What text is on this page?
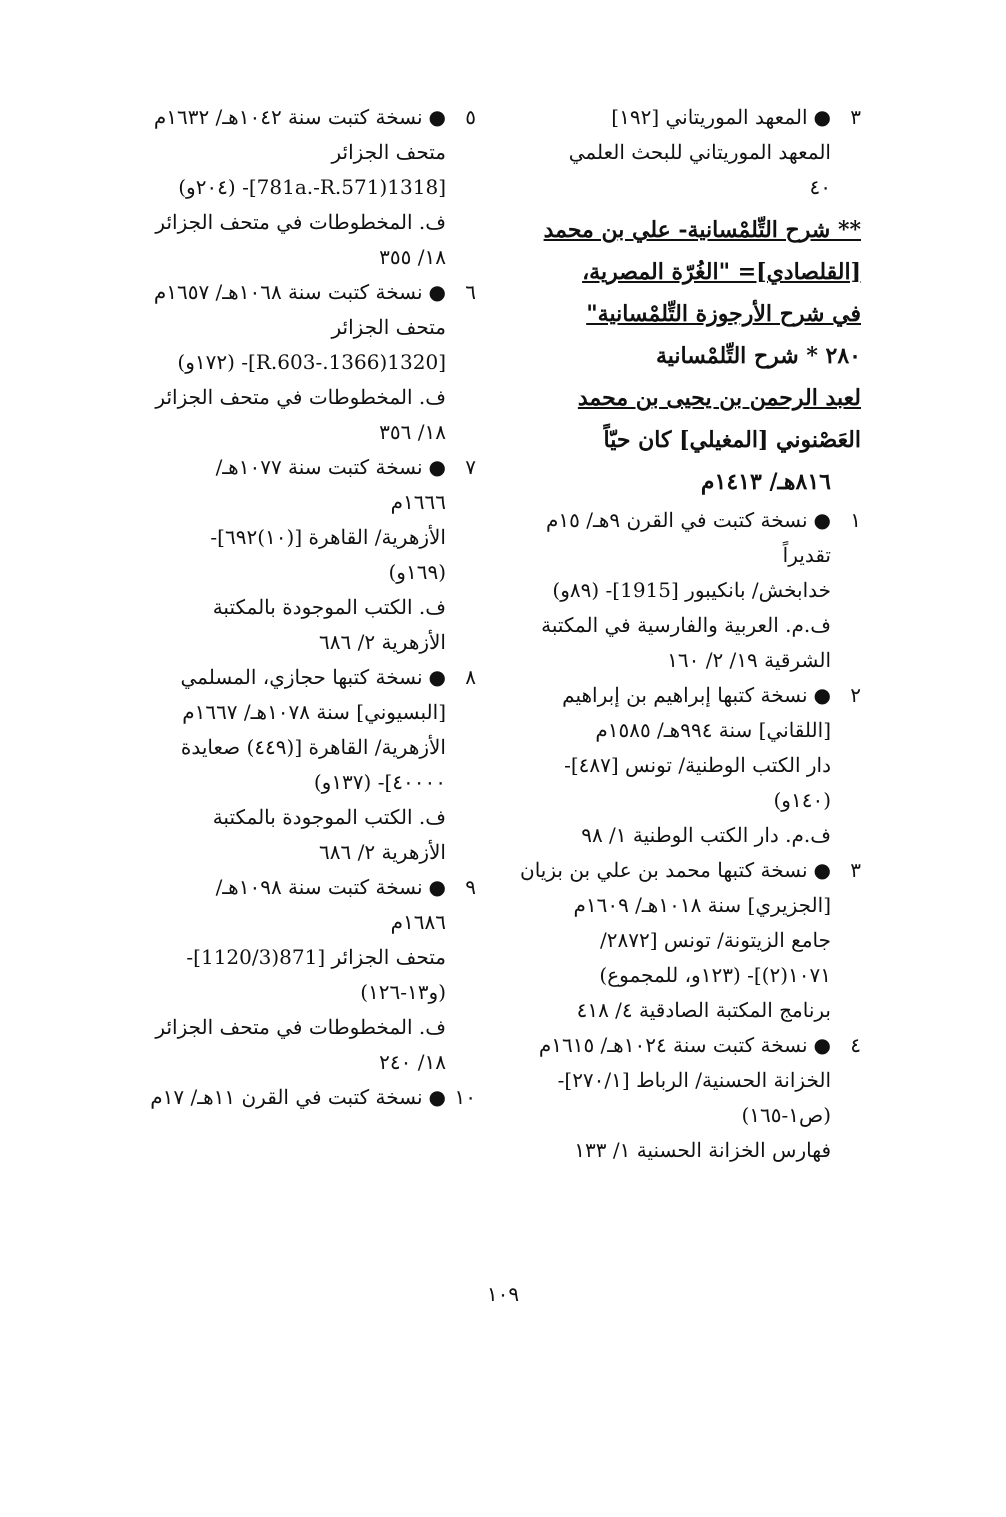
٣●المعهد الموريتاني [١٩٢]
المعهد الموريتاني للبحث العلمي
٤٠
** شرح التِّلمْسانية- علي بن محمد
[القلصادي]= "الغُرّة المصرية،
في شرح الأرجوزة التِّلمْسانية"
٢٨٠ * شرح التِّلمْسانية
لعبد الرحمن بن يحيى بن محمد
العَصْنوني [المغيلي] كان حيّاً
٨١٦هـ/ ١٤١٣م
١●نسخة كتبت في القرن ٩هـ/ ١٥م
تقديراً
خدابخش/ بانكيبور [1915]- (٨٩و)
ف.م. العربية والفارسية في المكتبة
الشرقية ١٩/ ٢/ ١٦٠
٢●نسخة كتبها إبراهيم بن إبراهيم
[اللقاني] سنة ٩٩٤هـ/ ١٥٨٥م
دار الكتب الوطنية/ تونس [٤٨٧]-
(١٤٠و)
ف.م. دار الكتب الوطنية ١/ ٩٨
٣●نسخة كتبها محمد بن علي بن بزيان
[الجزيري] سنة ١٠١٨هـ/ ١٦٠٩م
جامع الزيتونة/ تونس [٢٨٧٢/
١٠٧١(٢)]- (١٢٣و، للمجموع)
برنامج المكتبة الصادقية ٤/ ٤١٨
٤●نسخة كتبت سنة ١٠٢٤هـ/ ١٦١٥م
الخزانة الحسنية/ الرباط [٢٧٠/١]-
(ص١-١٦٥)
فهارس الخزانة الحسنية ١/ ١٣٣
٥●نسخة كتبت سنة ١٠٤٢هـ/ ١٦٣٢م
متحف الجزائر
[1318(781a.-R.571]- (٢٠٤و)
ف. المخطوطات في متحف الجزائر
١٨/ ٣٥٥
٦●نسخة كتبت سنة ١٠٦٨هـ/ ١٦٥٧م
متحف الجزائر
[1320(1366.-R.603]- (١٧٢و)
ف. المخطوطات في متحف الجزائر
١٨/ ٣٥٦
٧●نسخة كتبت سنة ١٠٧٧هـ/
١٦٦٦م
الأزهرية/ القاهرة [(١٠)٦٩٢]-
(١٦٩و)
ف. الكتب الموجودة بالمكتبة
الأزهرية ٢/ ٦٨٦
٨●نسخة كتبها حجازي، المسلمي
[البسيوني] سنة ١٠٧٨هـ/ ١٦٦٧م
الأزهرية/ القاهرة [(٤٤٩) صعايدة
٤٠٠٠٠]- (١٣٧و)
ف. الكتب الموجودة بالمكتبة
الأزهرية ٢/ ٦٨٦
٩●نسخة كتبت سنة ١٠٩٨هـ/
١٦٨٦م
متحف الجزائر [871(1120/3]-
(و١٣-١٢٦)
ف. المخطوطات في متحف الجزائر
١٨/ ٢٤٠
١٠●نسخة كتبت في القرن ١١هـ/ ١٧م
١٠٩
